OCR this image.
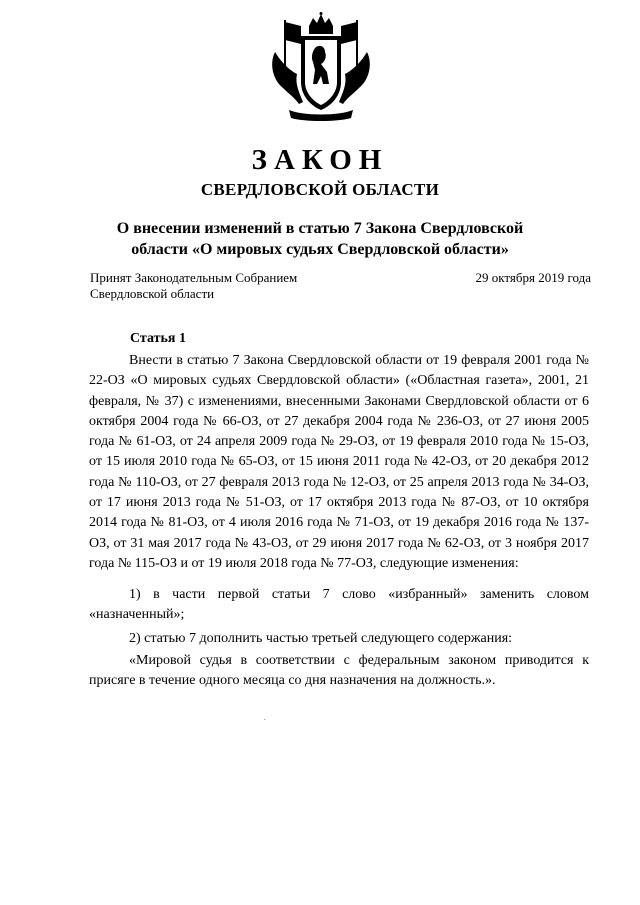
ЗАКОН
СВЕРДЛОВСКОЙ ОБЛАСТИ
О внесении изменений в статью 7 Закона Свердловской
области «О мировых судьях Свердловской области»
Принят Законодательным Собранием
Свердловской области
29 октября 2019 года
Статья 1
Внести в статью 7 Закона Свердловской области от 19 февраля 2001 года № 22-ОЗ «О мировых судьях Свердловской области» («Областная газета», 2001, 21 февраля, № 37) с изменениями, внесенными Законами Свердловской области от 6 октября 2004 года № 66-ОЗ, от 27 декабря 2004 года № 236-ОЗ, от 27 июня 2005 года № 61-ОЗ, от 24 апреля 2009 года № 29-ОЗ, от 19 февраля 2010 года № 15-ОЗ, от 15 июля 2010 года № 65-ОЗ, от 15 июня 2011 года № 42-ОЗ, от 20 декабря 2012 года № 110-ОЗ, от 27 февраля 2013 года № 12-ОЗ, от 25 апреля 2013 года № 34-ОЗ, от 17 июня 2013 года № 51-ОЗ, от 17 октября 2013 года № 87-ОЗ, от 10 октября 2014 года № 81-ОЗ, от 4 июля 2016 года № 71-ОЗ, от 19 декабря 2016 года № 137-ОЗ, от 31 мая 2017 года № 43-ОЗ, от 29 июня 2017 года № 62-ОЗ, от 3 ноября 2017 года № 115-ОЗ и от 19 июля 2018 года № 77-ОЗ, следующие изменения:
1) в части первой статьи 7 слово «избранный» заменить словом «назначенный»;
2) статью 7 дополнить частью третьей следующего содержания:
«Мировой судья в соответствии с федеральным законом приводится к присяге в течение одного месяца со дня назначения на должность.».
